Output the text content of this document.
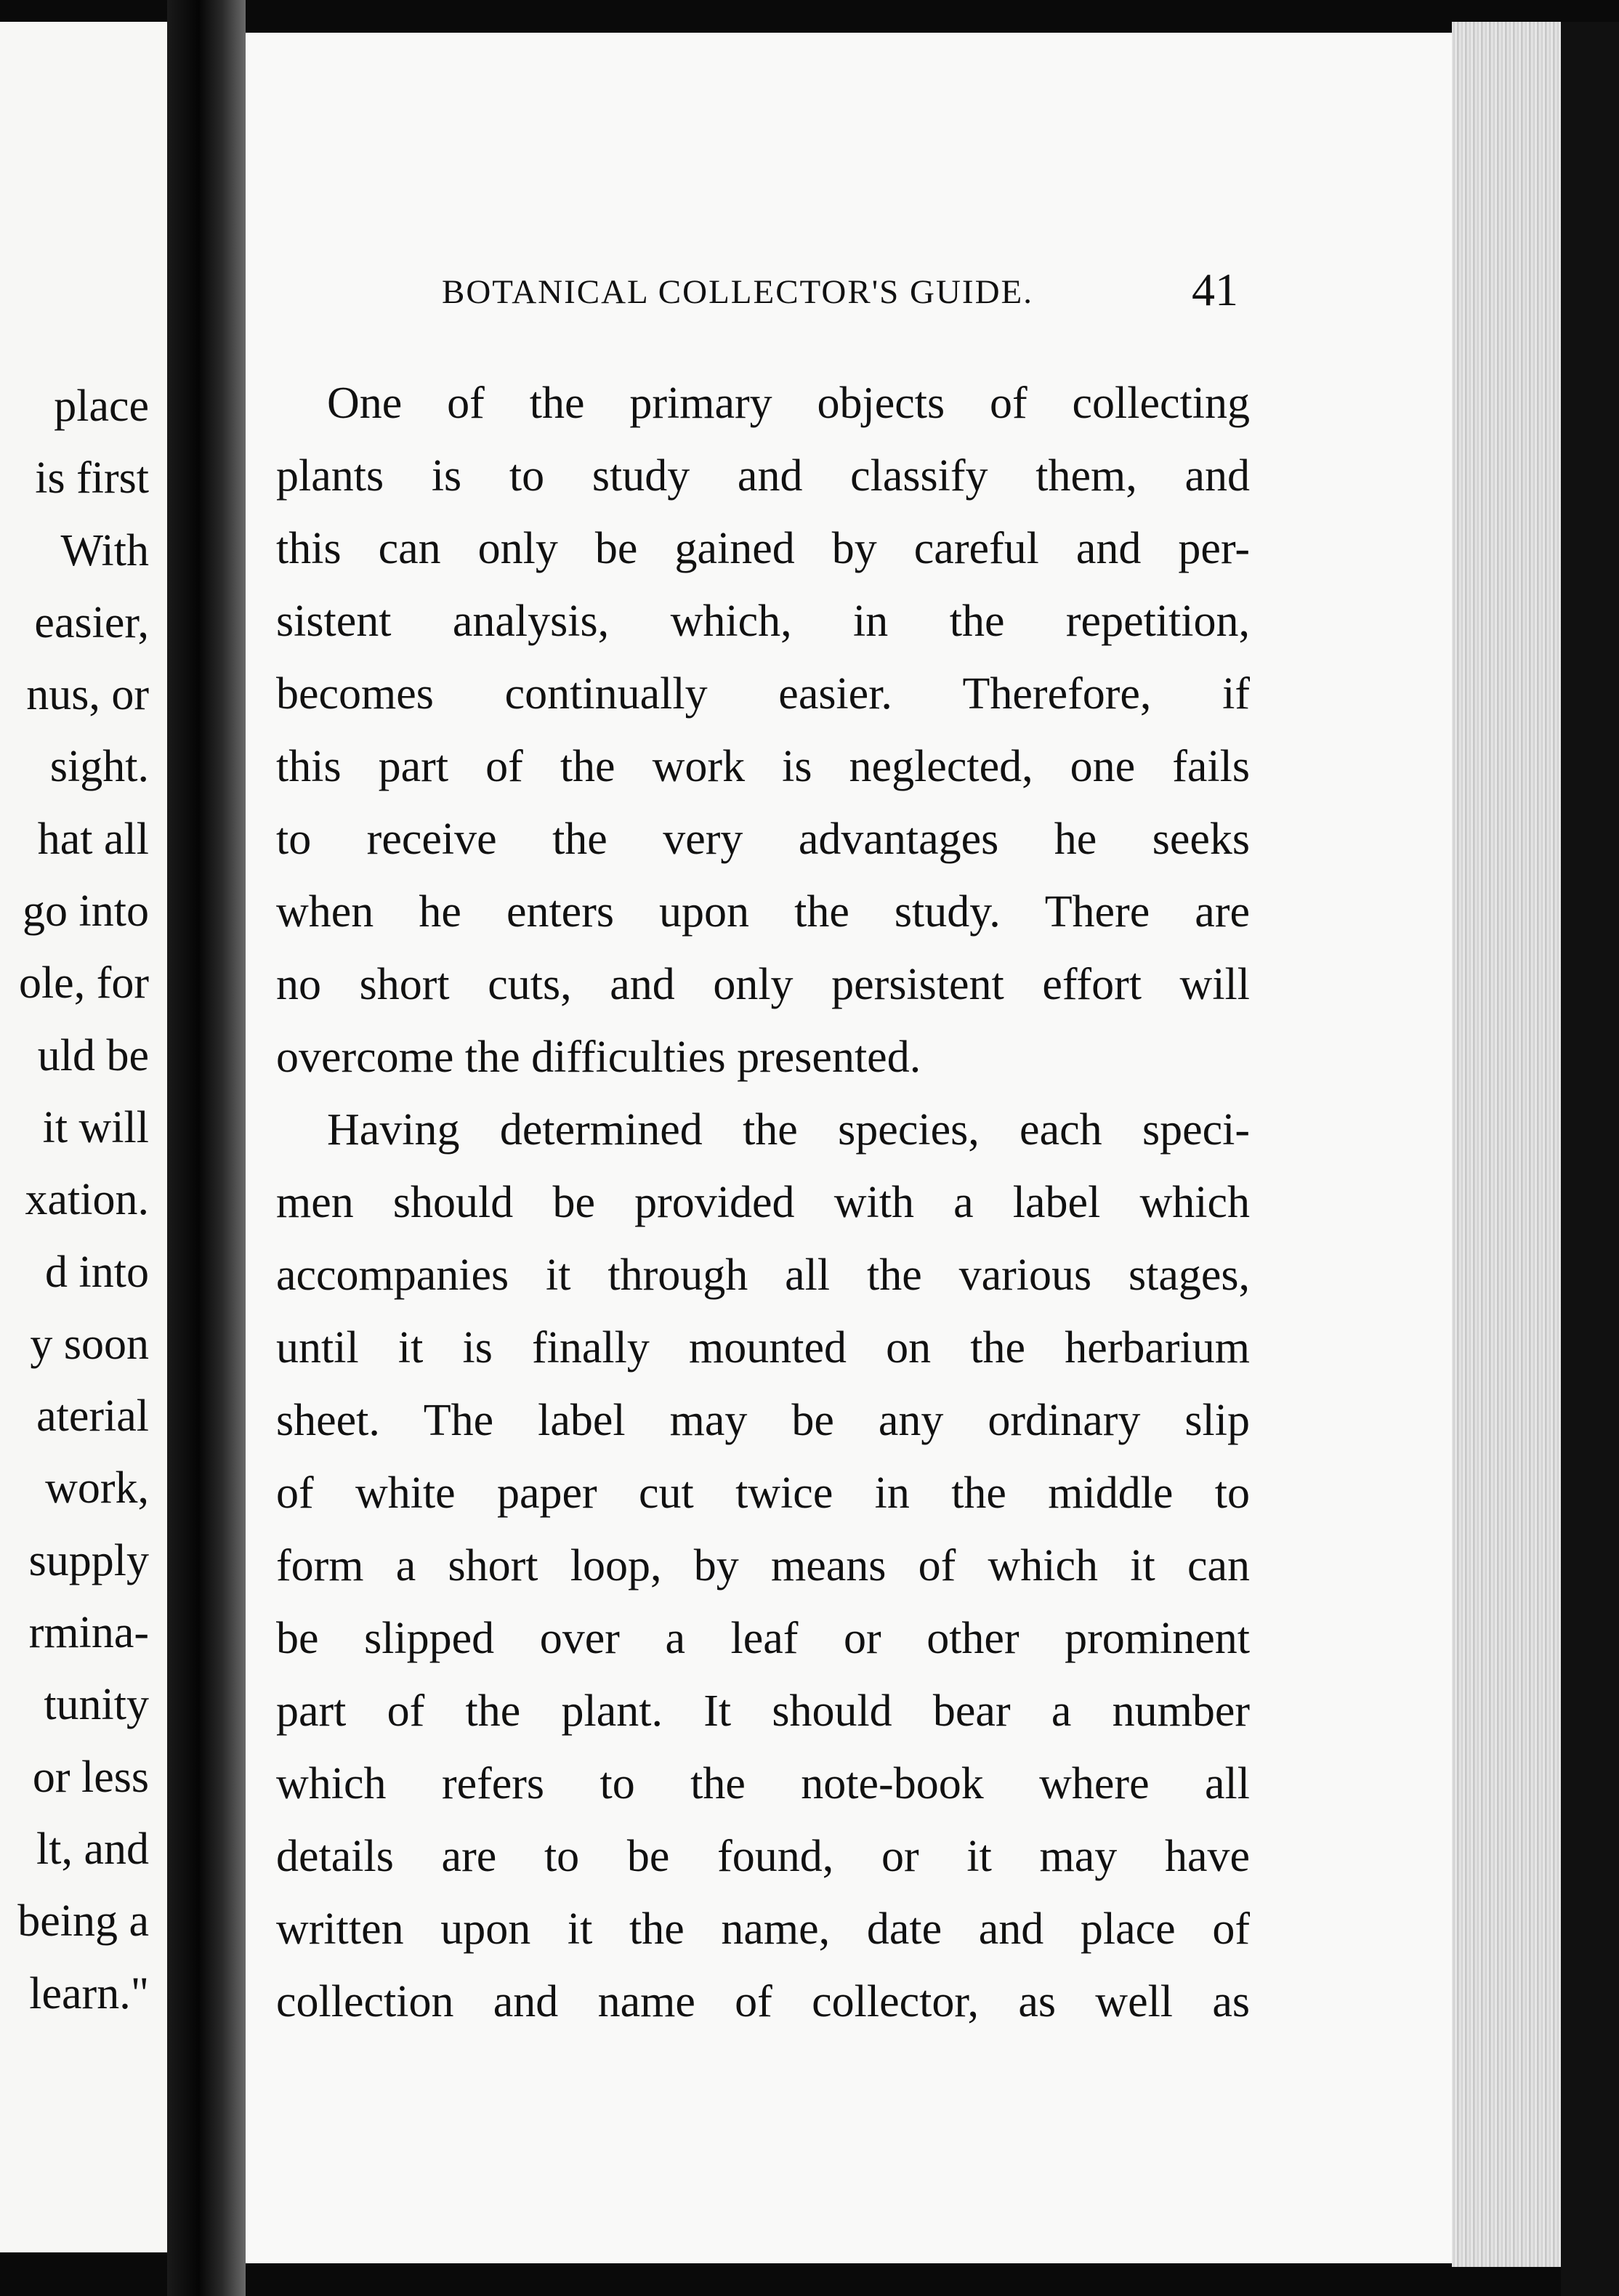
place
is first
With
easier,
nus, or
sight.
hat all
go into
ole, for
uld be
it will
xation.
d into
y soon
aterial
work,
supply
rmina-
tunity
or less
lt, and
being a
learn."
BOTANICAL COLLECTOR'S GUIDE.	41
One of the primary objects of collecting
plants is to study and classify them, and
this can only be gained by careful and per-
sistent analysis, which, in the repetition,
becomes continually easier. Therefore, if
this part of the work is neglected, one fails
to receive the very advantages he seeks
when he enters upon the study. There are
no short cuts, and only persistent effort will
overcome the difficulties presented.
Having determined the species, each speci-
men should be provided with a label which
accompanies it through all the various stages,
until it is finally mounted on the herbarium
sheet. The label may be any ordinary slip
of white paper cut twice in the middle to
form a short loop, by means of which it can
be slipped over a leaf or other prominent
part of the plant. It should bear a number
which refers to the note-book where all
details are to be found, or it may have
written upon it the name, date and place of
collection and name of collector, as well as
